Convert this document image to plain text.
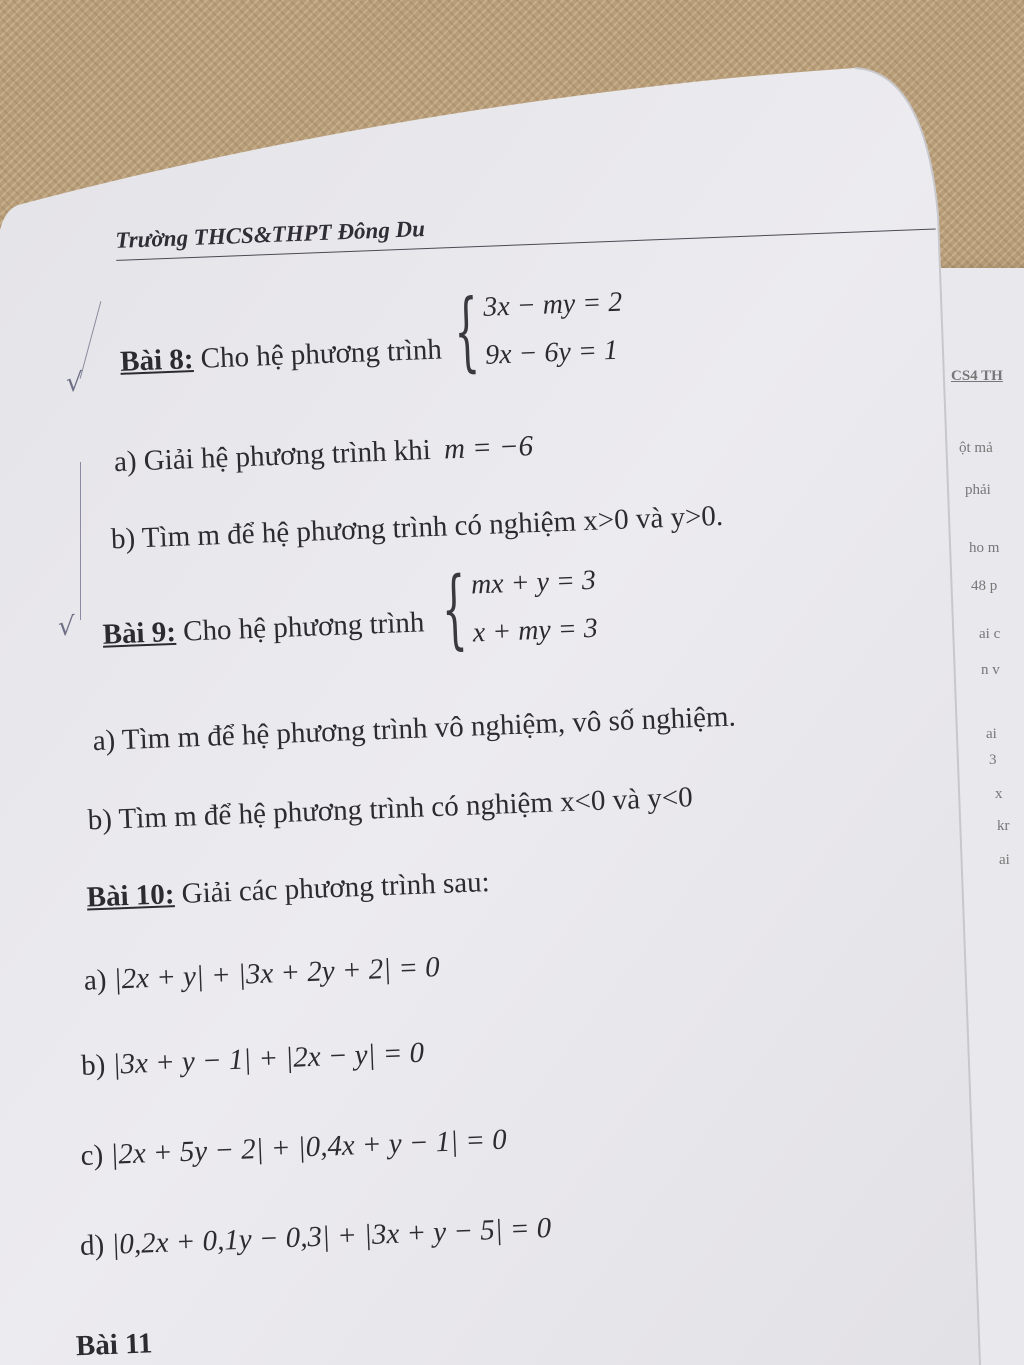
CS4 TH
ột mả
phải
ho m
48 p
ai c
n v
ai
3
x
kr
ai
√
√
Trường THCS&THPT Đông Du
Bài 8: Cho hệ phương trình { 3x − my = 2
9x − 6y = 1
a) Giải hệ phương trình khi m = −6
b) Tìm m để hệ phương trình có nghiệm x>0 và y>0.
Bài 9: Cho hệ phương trình { mx + y = 3
x + my = 3
a) Tìm m để hệ phương trình vô nghiệm, vô số nghiệm.
b) Tìm m để hệ phương trình có nghiệm x<0 và y<0
Bài 10: Giải các phương trình sau:
a) |2x + y| + |3x + 2y + 2| = 0
b) |3x + y − 1| + |2x − y| = 0
c) |2x + 5y − 2| + |0,4x + y − 1| = 0
d) |0,2x + 0,1y − 0,3| + |3x + y − 5| = 0
Bài 11
